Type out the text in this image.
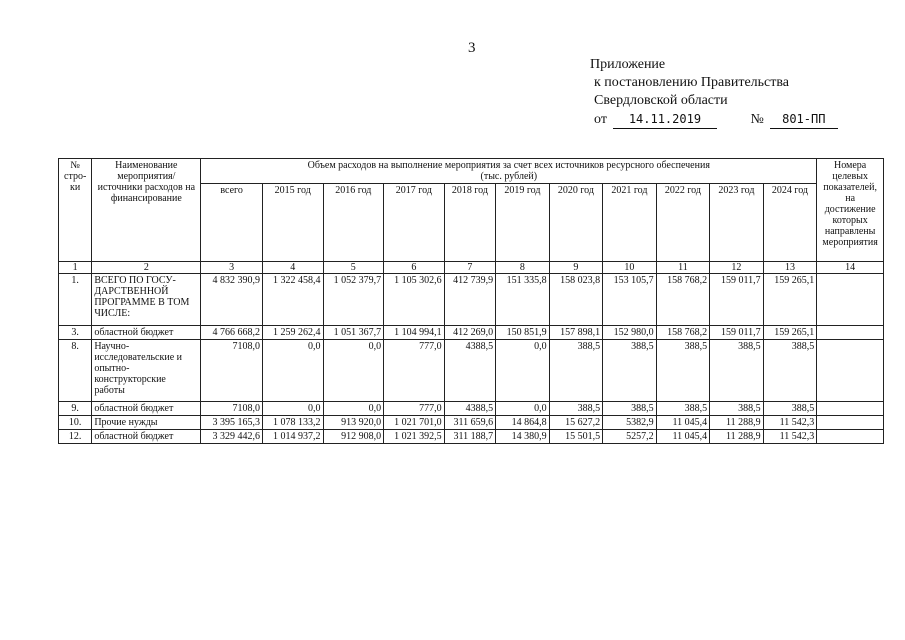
3
Приложение
к постановлению Правительства
Свердловской области
от 14.11.2019	№ 801-ПП
№ стро-ки	Наименование мероприятия/ источники расходов на финансирование	Объем расходов на выполнение мероприятия за счет всех источников ресурсного обеспечения
(тыс. рублей)											Номера целевых показателей, на достижение которых направлены мероприятия
		всего	2015 год	2016 год	2017 год	2018 год	2019 год	2020 год	2021 год	2022 год	2023 год	2024 год	
1	2	3	4	5	6	7	8	9	10	11	12	13	14
1.	ВСЕГО ПО ГОСУ-ДАРСТВЕННОЙ ПРОГРАММЕ В ТОМ ЧИСЛЕ:	4 832 390,9	1 322 458,4	1 052 379,7	1 105 302,6	412 739,9	151 335,8	158 023,8	153 105,7	158 768,2	159 011,7	159 265,1	
3.	областной бюджет	4 766 668,2	1 259 262,4	1 051 367,7	1 104 994,1	412 269,0	150 851,9	157 898,1	152 980,0	158 768,2	159 011,7	159 265,1	
8.	Научно-исследовательские и опытно-конструкторские работы	7108,0	0,0	0,0	777,0	4388,5	0,0	388,5	388,5	388,5	388,5	388,5	
9.	областной бюджет	7108,0	0,0	0,0	777,0	4388,5	0,0	388,5	388,5	388,5	388,5	388,5	
10.	Прочие нужды	3 395 165,3	1 078 133,2	913 920,0	1 021 701,0	311 659,6	14 864,8	15 627,2	5382,9	11 045,4	11 288,9	11 542,3	
12.	областной бюджет	3 329 442,6	1 014 937,2	912 908,0	1 021 392,5	311 188,7	14 380,9	15 501,5	5257,2	11 045,4	11 288,9	11 542,3	
